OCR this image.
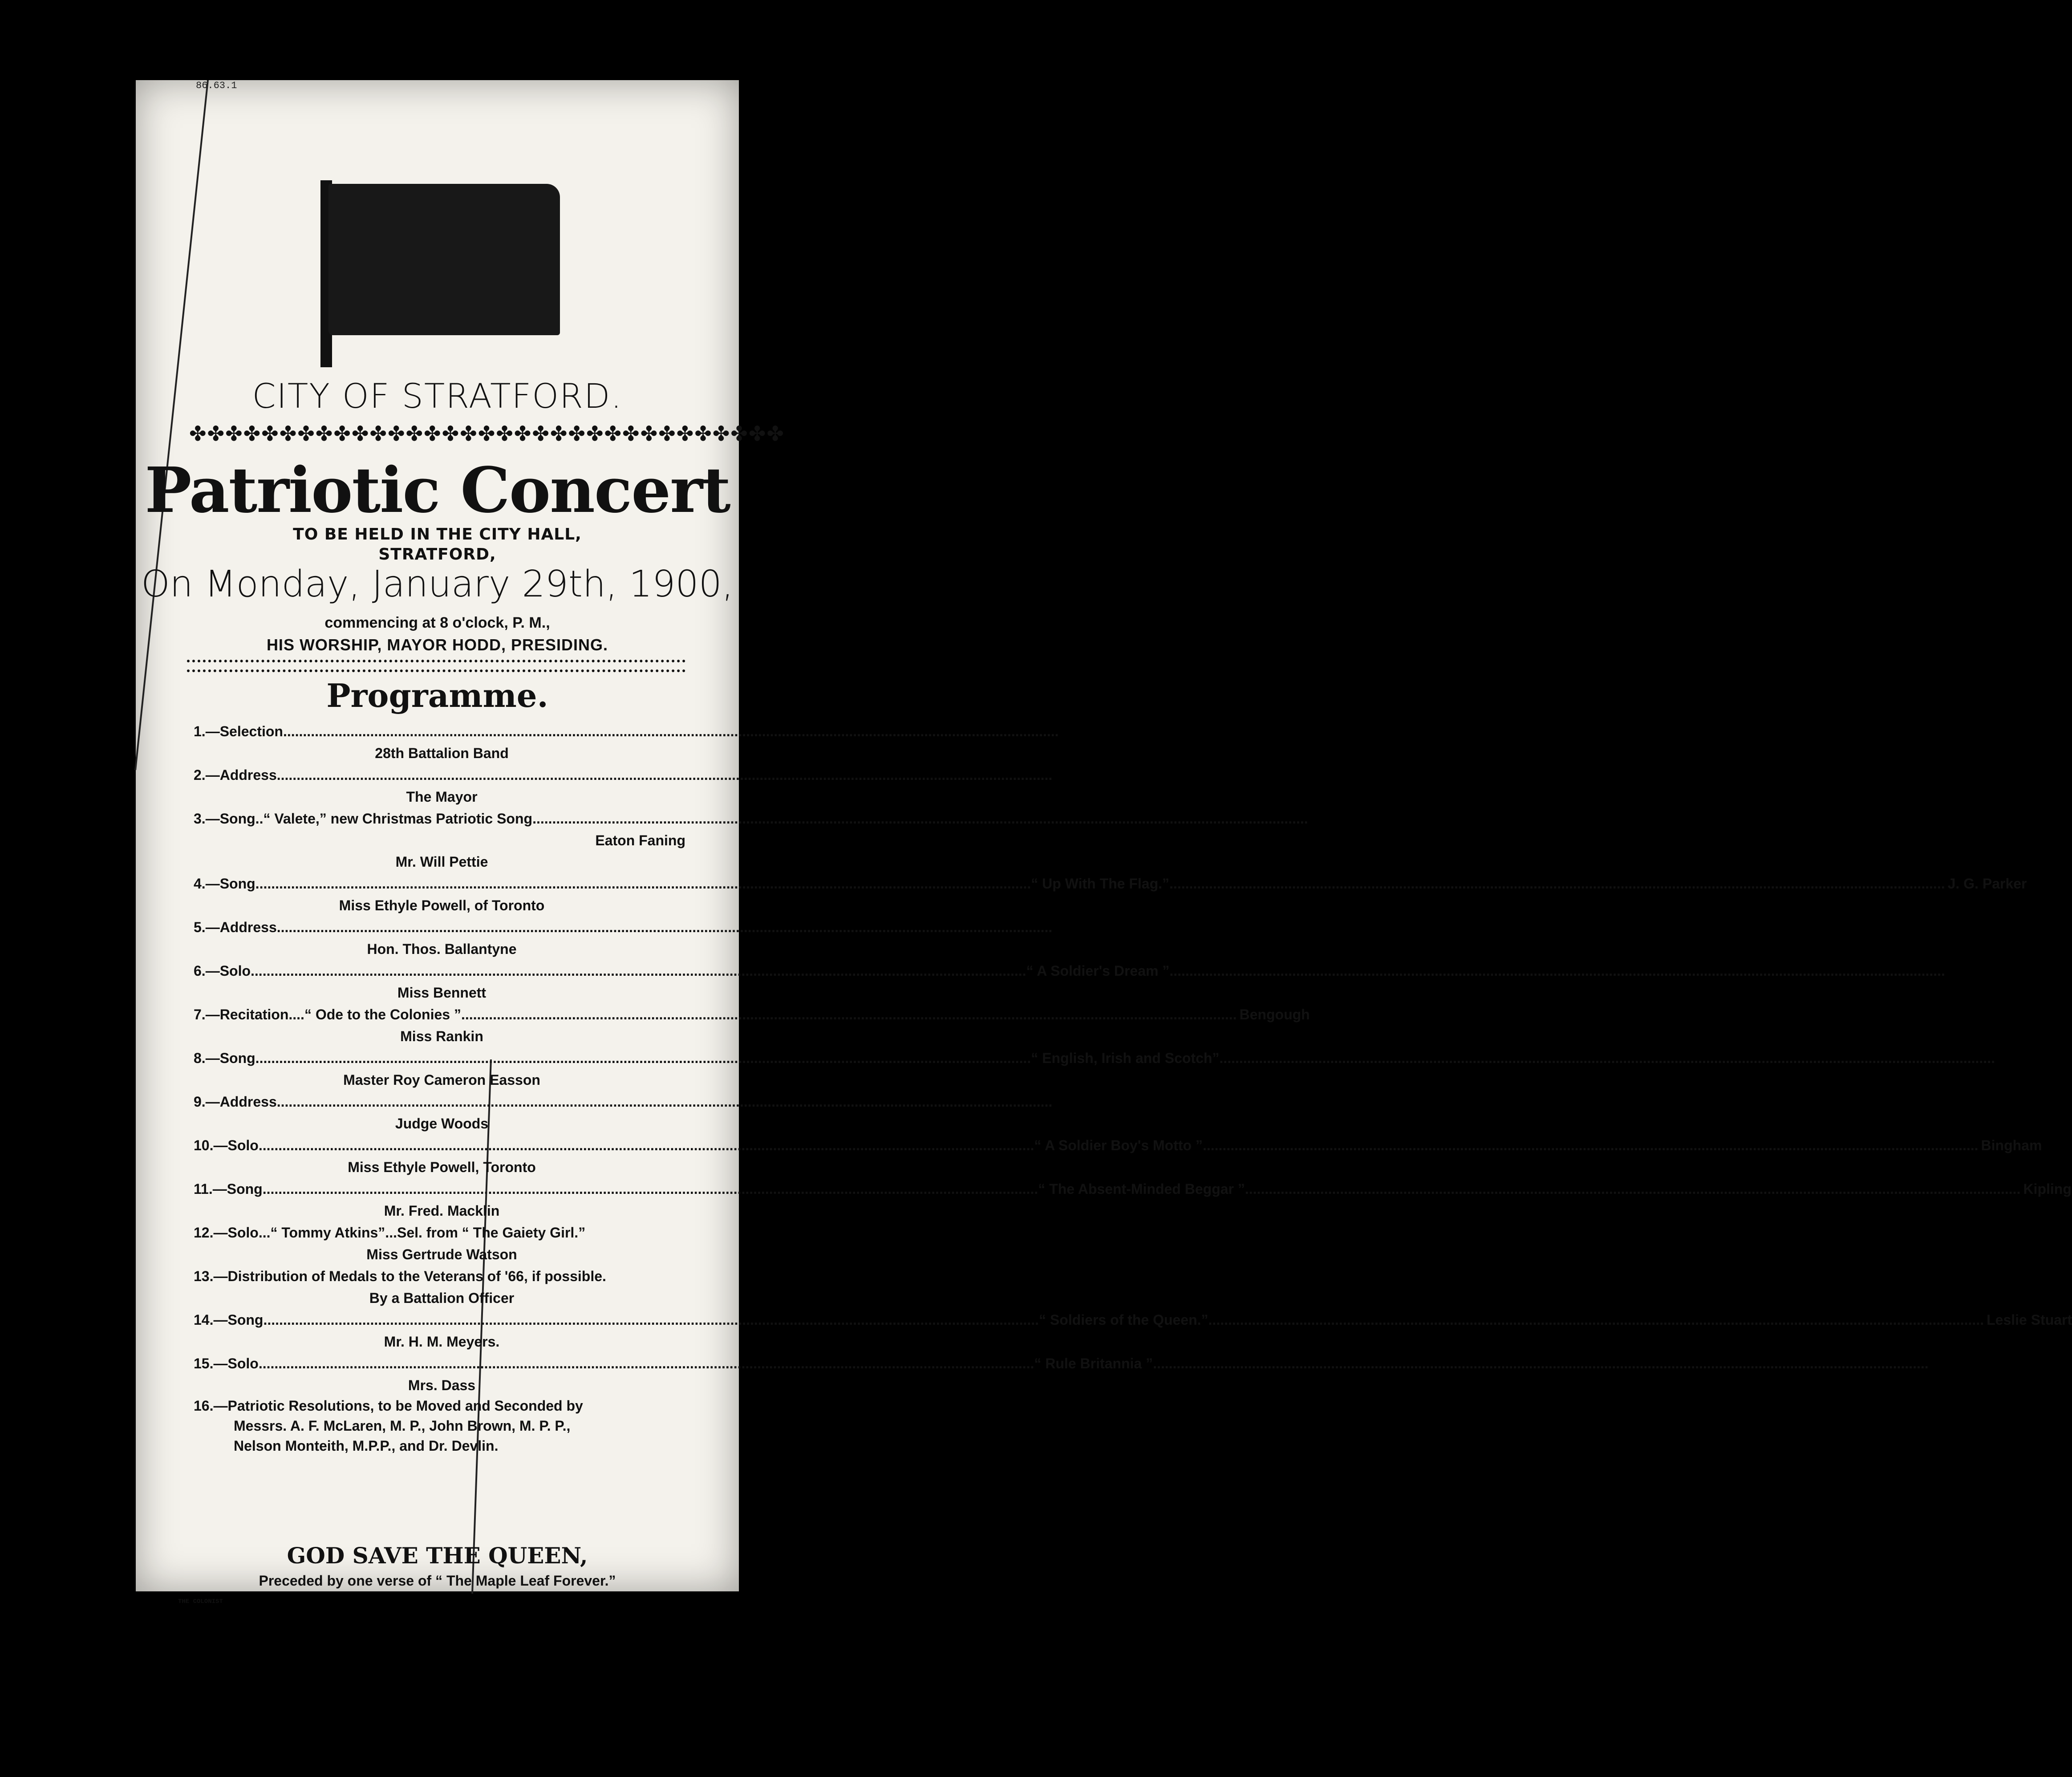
86.63.1
CITY OF STRATFORD.
✤✤✤✤✤✤✤✤✤✤✤✤✤✤✤✤✤✤✤✤✤✤✤✤✤✤✤✤✤✤✤✤✤
Patriotic Concert
TO BE HELD IN THE CITY HALL,
STRATFORD,
On Monday, January 29th, 1900,
commencing at 8 o'clock, P. M.,
HIS WORSHIP, MAYOR HODD, PRESIDING.
Programme.
1.—Selection
.....
28th Battalion Band
2.—Address
.....
The Mayor
3.—Song..“ Valete,” new Christmas Patriotic Song
.....
Eaton Faning
Mr. Will Pettie
4.—Song .....	“ Up With The Flag.” .....	J. G. Parker
Miss Ethyle Powell, of Toronto
5.—Address
.....
Hon. Thos. Ballantyne
6.—Solo .....	“ A Soldier's Dream ”
.....
Miss Bennett
7.—Recitation....“ Ode to the Colonies ” .....	Bengough
Miss Rankin
8.—Song .....	“ English, Irish and Scotch”
.....
Master Roy Cameron Easson
9.—Address
.....
Judge Woods
10.—Solo .....	“ A Soldier Boy's Motto ” .....	Bingham
Miss Ethyle Powell, Toronto
11.—Song .....	“ The Absent-Minded Beggar ” .....	Kipling
Mr. Fred. Macklin
12.—Solo...“ Tommy Atkins”...Sel. from “ The Gaiety Girl.”
Miss Gertrude Watson
13.—Distribution of Medals to the Veterans of '66, if possible.
By a Battalion Officer
14.—Song .....	“ Soldiers of the Queen.” .....	Leslie Stuart
Mr. H. M. Meyers.
15.—Solo .....	“ Rule Britannia ”
.....
Mrs. Dass
16.—Patriotic Resolutions, to be Moved and Seconded by
Messrs. A. F. McLaren, M. P., John Brown, M. P. P.,
Nelson Monteith, M.P.P., and Dr. Devlin.
GOD SAVE THE QUEEN,
Preceded by one verse of “ The Maple Leaf Forever.”
THE COLONIST
